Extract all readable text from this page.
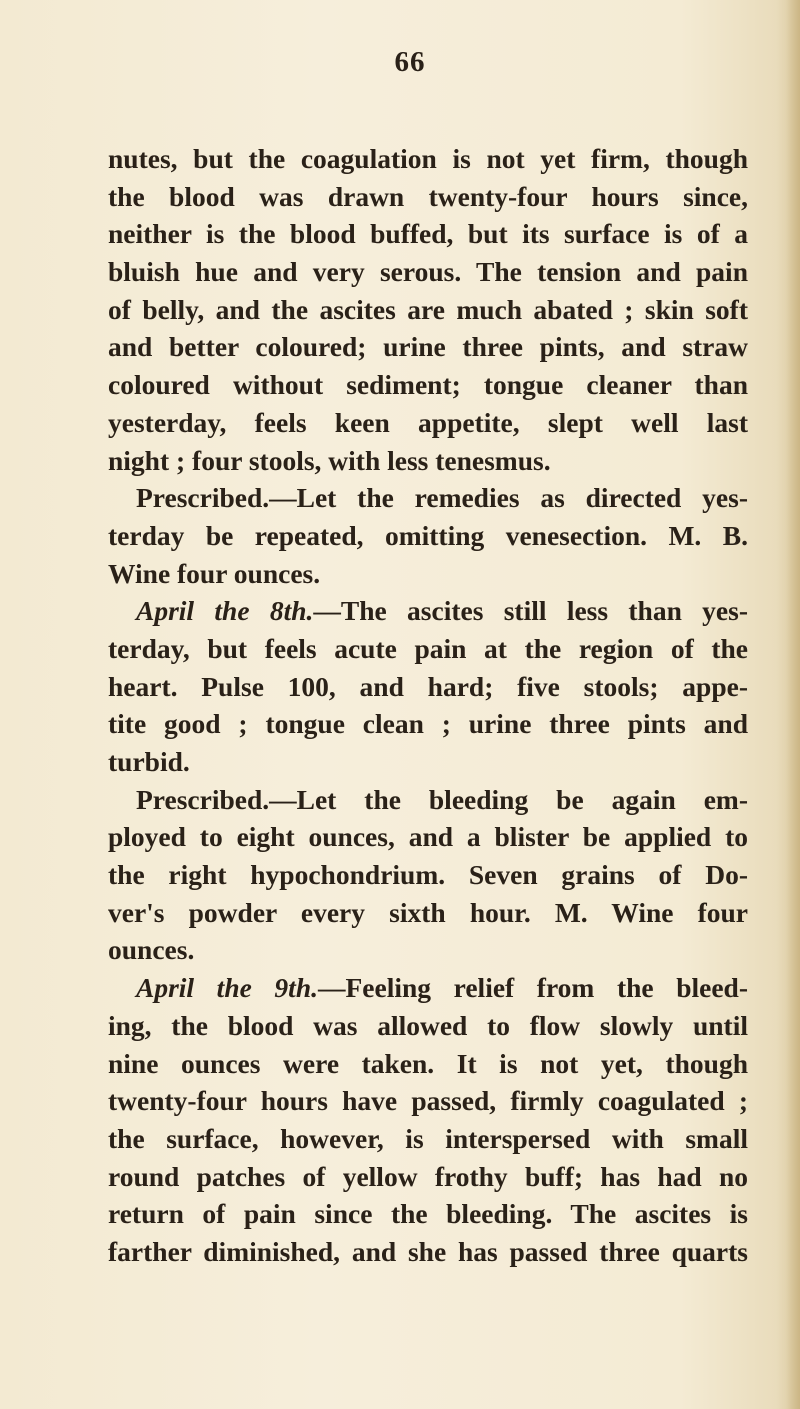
66
nutes, but the coagulation is not yet firm, though
the blood was drawn twenty-four hours since,
neither is the blood buffed, but its surface is of a
bluish hue and very serous. The tension and pain
of belly, and the ascites are much abated ; skin soft
and better coloured; urine three pints, and straw
coloured without sediment; tongue cleaner than
yesterday, feels keen appetite, slept well last
night ; four stools, with less tenesmus.
Prescribed.—Let the remedies as directed yes-
terday be repeated, omitting venesection. M. B.
Wine four ounces.
April the 8th.—The ascites still less than yes-
terday, but feels acute pain at the region of the
heart. Pulse 100, and hard; five stools; appe-
tite good ; tongue clean ; urine three pints and
turbid.
Prescribed.—Let the bleeding be again em-
ployed to eight ounces, and a blister be applied to
the right hypochondrium. Seven grains of Do-
ver's powder every sixth hour. M. Wine four
ounces.
April the 9th.—Feeling relief from the bleed-
ing, the blood was allowed to flow slowly until
nine ounces were taken. It is not yet, though
twenty-four hours have passed, firmly coagulated ;
the surface, however, is interspersed with small
round patches of yellow frothy buff; has had no
return of pain since the bleeding. The ascites is
farther diminished, and she has passed three quarts
